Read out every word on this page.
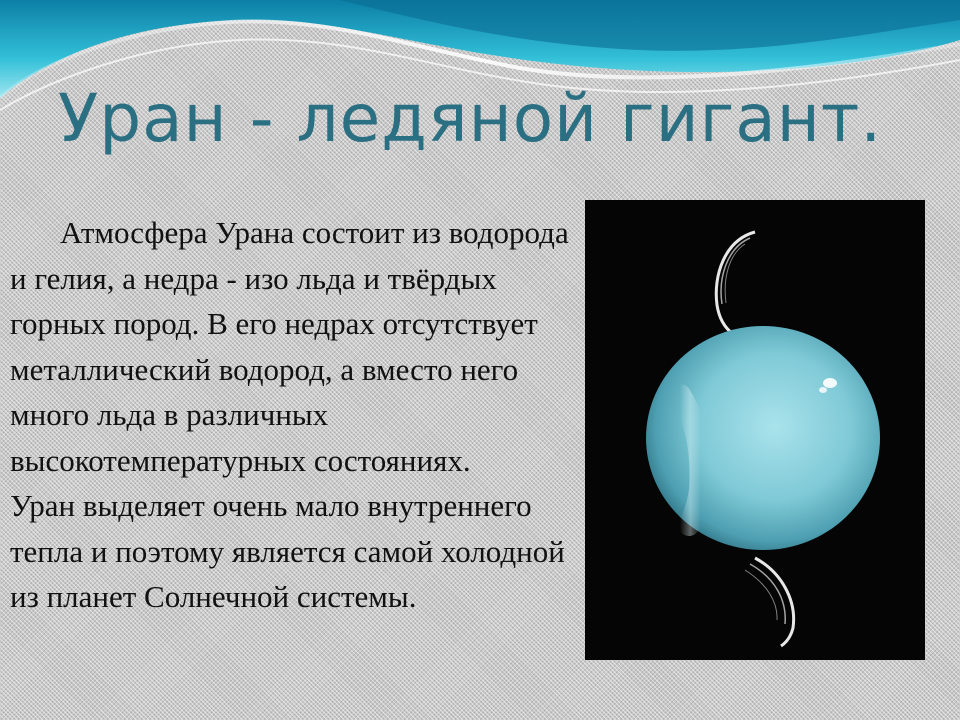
Уран - ледяной гигант.

Атмосфера Урана состоит из водорода и гелия, а недра - изо льда и твёрдых горных пород. В его недрах отсутствует металлический водород, а вместо него много льда в различных высокотемпературных состояниях.

Уран выделяет очень мало внутреннего тепла и поэтому является самой холодной из планет Солнечной системы.
